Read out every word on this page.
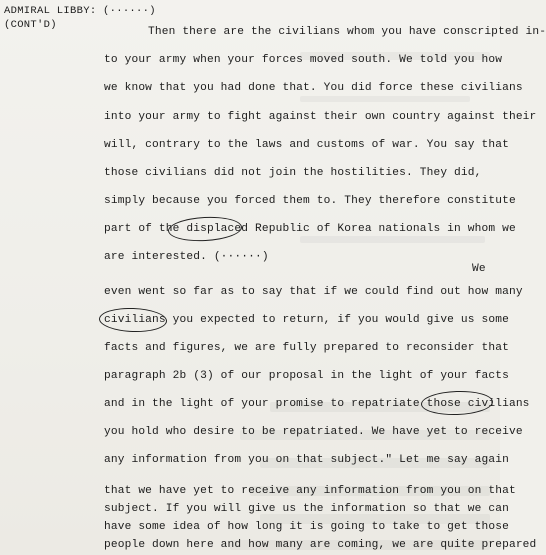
ADMIRAL LIBBY: (······)
(CONT'D)
Then there are the civilians whom you have conscripted in-
to your army when your forces moved south. We told you how
we know that you had done that. You did force these civilians
into your army to fight against their own country against their
will, contrary to the laws and customs of war. You say that
those civilians did not join the hostilities. They did,
simply because you forced them to. They therefore constitute
part of the displaced Republic of Korea nationals in whom we
are interested. (······)
We
even went so far as to say that if we could find out how many
civilians you expected to return, if you would give us some
facts and figures, we are fully prepared to reconsider that
paragraph 2b (3) of our proposal in the light of your facts
and in the light of your promise to repatriate those civilians
you hold who desire to be repatriated. We have yet to receive
any information from you on that subject." Let me say again
that we have yet to receive any information from you on that
subject. If you will give us the information so that we can
have some idea of how long it is going to take to get those
people down here and how many are coming, we are quite prepared
